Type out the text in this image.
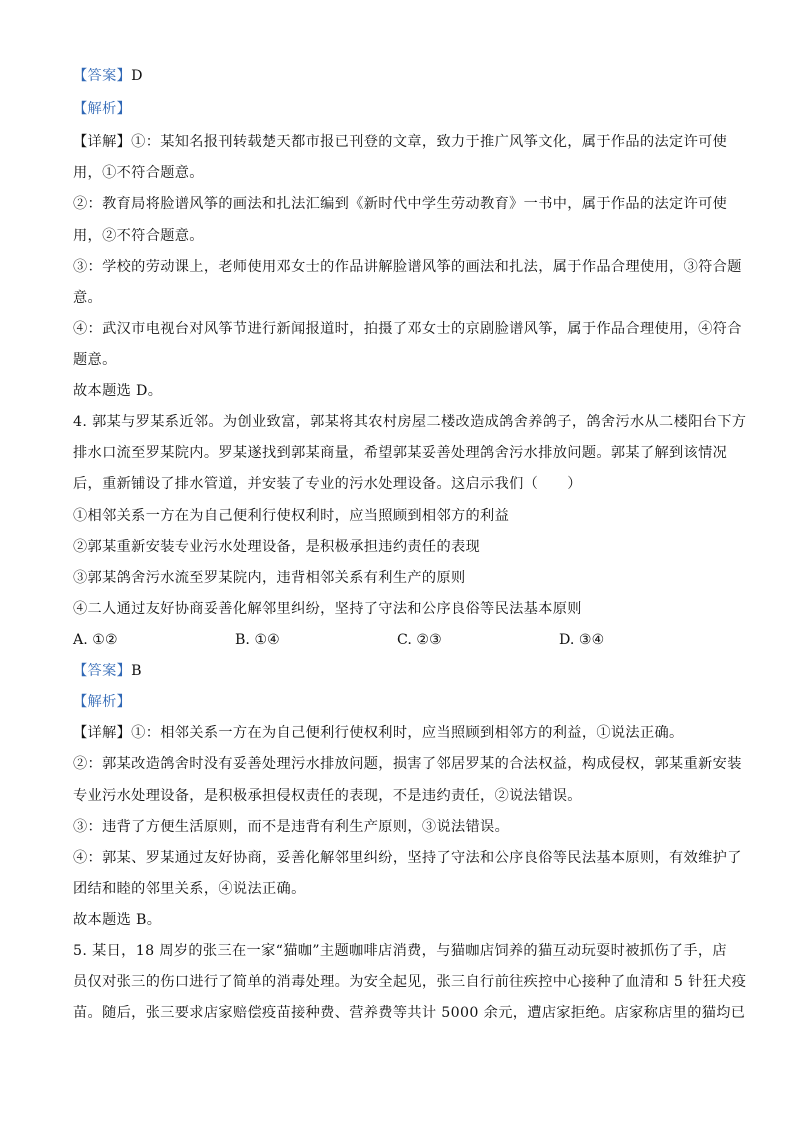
【答案】D
【解析】
【详解】①：某知名报刊转载楚天都市报已刊登的文章，致力于推广风筝文化，属于作品的法定许可使
用，①不符合题意。
②：教育局将脸谱风筝的画法和扎法汇编到《新时代中学生劳动教育》一书中，属于作品的法定许可使
用，②不符合题意。
③：学校的劳动课上，老师使用邓女士的作品讲解脸谱风筝的画法和扎法，属于作品合理使用，③符合题
意。
④：武汉市电视台对风筝节进行新闻报道时，拍摄了邓女士的京剧脸谱风筝，属于作品合理使用，④符合
题意。
故本题选 D。
4. 郭某与罗某系近邻。为创业致富，郭某将其农村房屋二楼改造成鸽舍养鸽子，鸽舍污水从二楼阳台下方
排水口流至罗某院内。罗某遂找到郭某商量，希望郭某妥善处理鸽舍污水排放问题。郭某了解到该情况
后，重新铺设了排水管道，并安装了专业的污水处理设备。这启示我们（　　）
①相邻关系一方在为自己便利行使权利时，应当照顾到相邻方的利益
②郭某重新安装专业污水处理设备，是积极承担违约责任的表现
③郭某鸽舍污水流至罗某院内，违背相邻关系有利生产的原则
④二人通过友好协商妥善化解邻里纠纷，坚持了守法和公序良俗等民法基本原则
A. ①②	B. ①④	C. ②③	D. ③④
【答案】B
【解析】
【详解】①：相邻关系一方在为自己便利行使权利时，应当照顾到相邻方的利益，①说法正确。
②：郭某改造鸽舍时没有妥善处理污水排放问题，损害了邻居罗某的合法权益，构成侵权，郭某重新安装
专业污水处理设备，是积极承担侵权责任的表现，不是违约责任，②说法错误。
③：违背了方便生活原则，而不是违背有利生产原则，③说法错误。
④：郭某、罗某通过友好协商，妥善化解邻里纠纷，坚持了守法和公序良俗等民法基本原则，有效维护了
团结和睦的邻里关系，④说法正确。
故本题选 B。
5. 某日，18 周岁的张三在一家“猫咖”主题咖啡店消费，与猫咖店饲养的猫互动玩耍时被抓伤了手，店
员仅对张三的伤口进行了简单的消毒处理。为安全起见，张三自行前往疾控中心接种了血清和 5 针狂犬疫
苗。随后，张三要求店家赔偿疫苗接种费、营养费等共计 5000 余元，遭店家拒绝。店家称店里的猫均已
